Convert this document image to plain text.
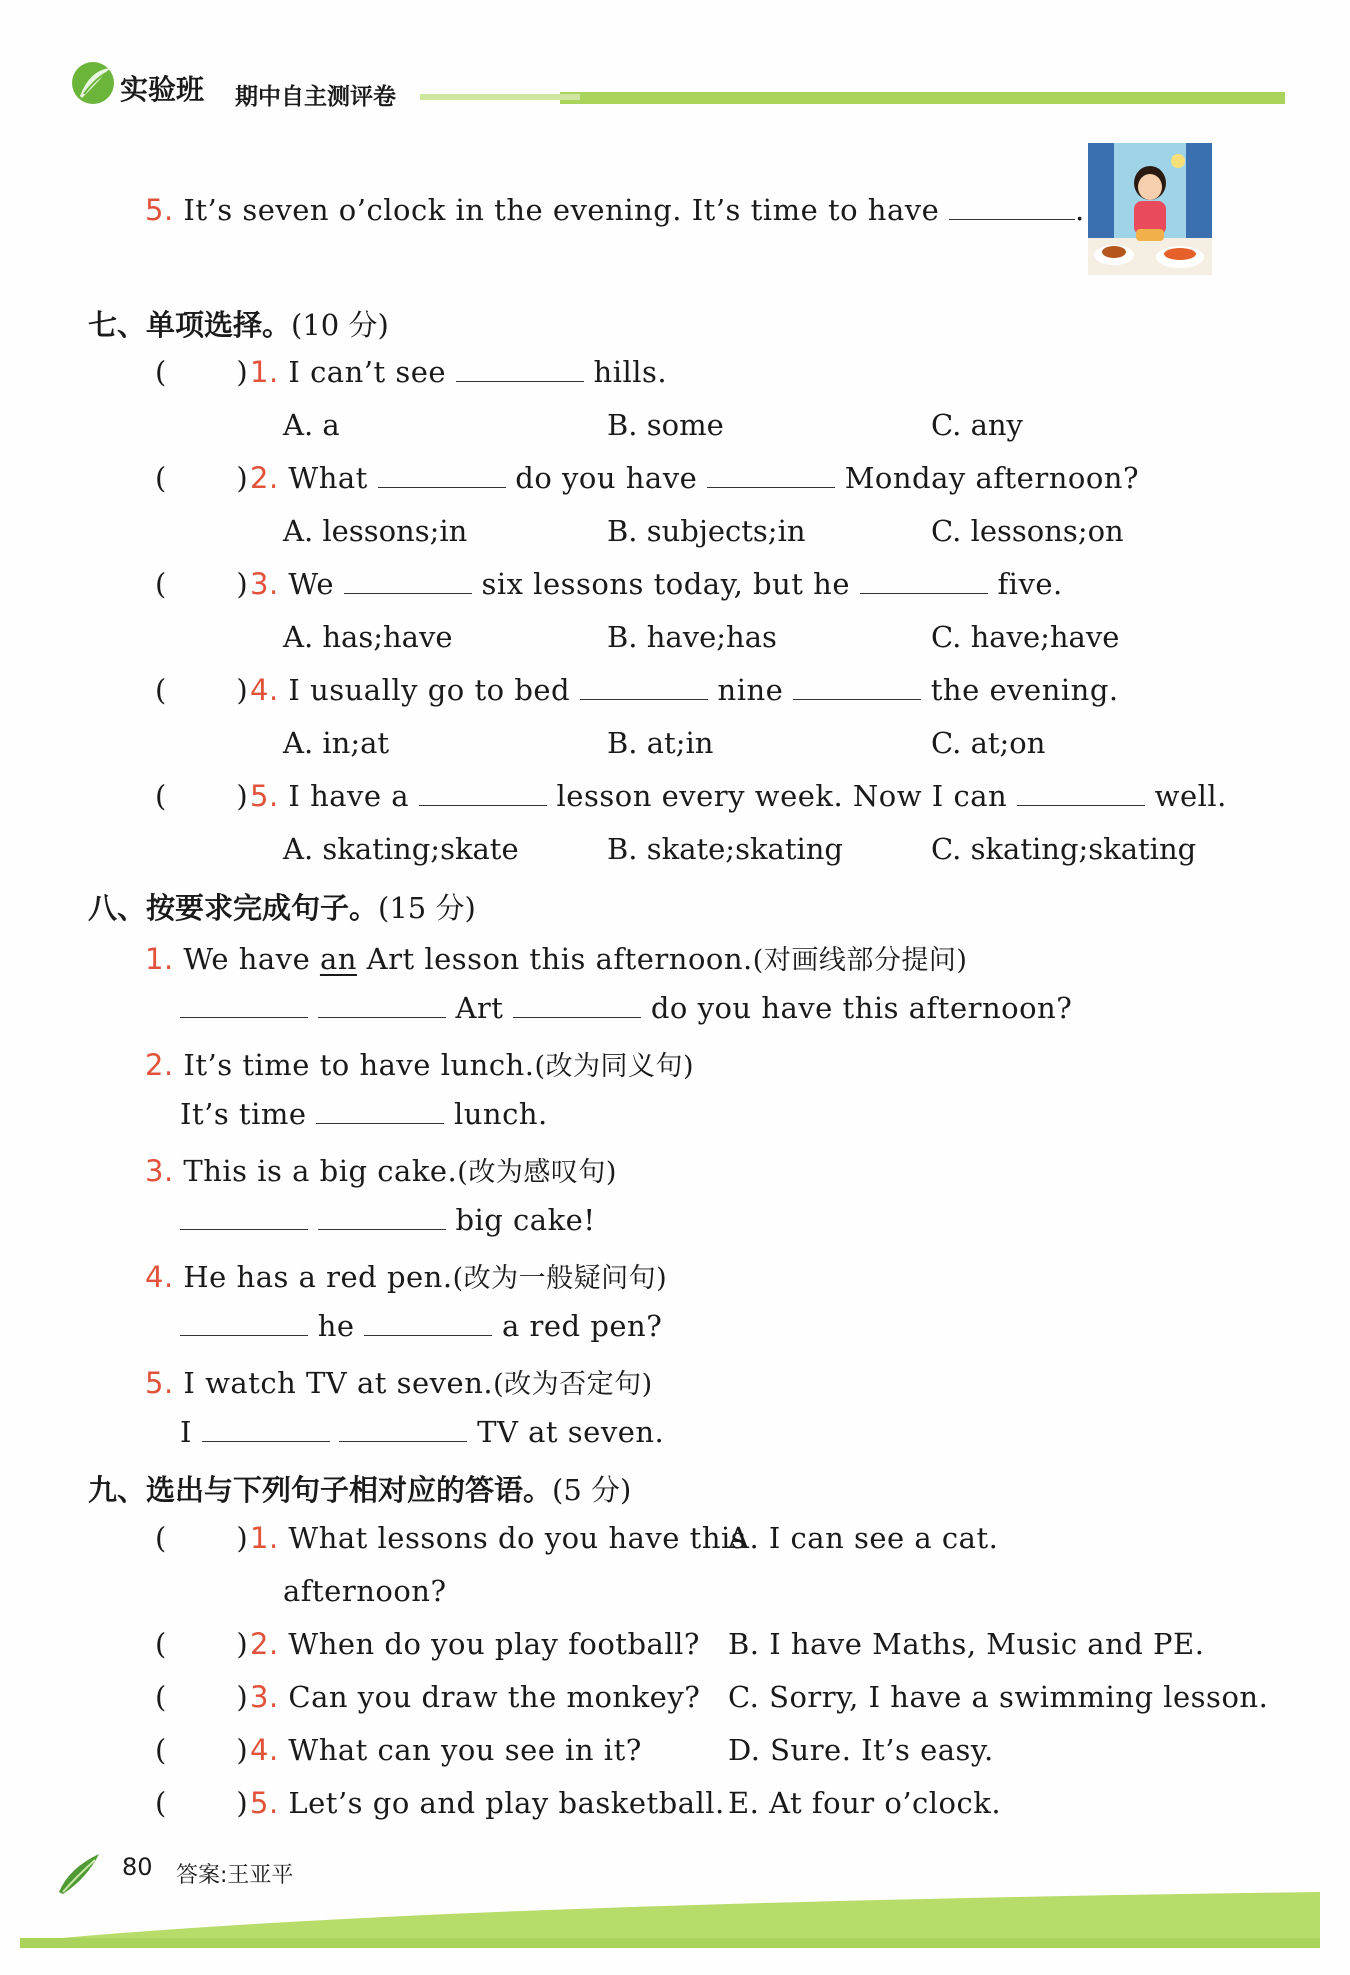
实验班 期中自主测评卷
5. It’s seven o’clock in the evening. It’s time to have	.
七、单项选择。(10 分)
( ) 1. I can’t see	hills.
A. a	B. some	C. any
( ) 2. What	do you have	Monday afternoon?
A. lessons;in	B. subjects;in	C. lessons;on
( ) 3. We	six lessons today, but he	five.
A. has;have	B. have;has	C. have;have
( ) 4. I usually go to bed	nine	the evening.
A. in;at	B. at;in	C. at;on
( ) 5. I have a	lesson every week. Now I can	well.
A. skating;skate	B. skate;skating	C. skating;skating
八、按要求完成句子。(15 分)
1. We have an Art lesson this afternoon.(对画线部分提问)
Art	do you have this afternoon?
2. It’s time to have lunch.(改为同义句)
It’s time	lunch.
3. This is a big cake.(改为感叹句)
big cake!
4. He has a red pen.(改为一般疑问句)
he	a red pen?
5. I watch TV at seven.(改为否定句)
I	TV at seven.
九、选出与下列句子相对应的答语。(5 分)
( ) 1. What lessons do you have this
afternoon?
A. I can see a cat.
( ) 2. When do you play football? B. I have Maths, Music and PE.
( ) 3. Can you draw the monkey? C. Sorry, I have a swimming lesson.
( ) 4. What can you see in it?	D. Sure. It’s easy.
( ) 5. Let’s go and play basketball. E. At four o’clock.
80 答案:王亚平
